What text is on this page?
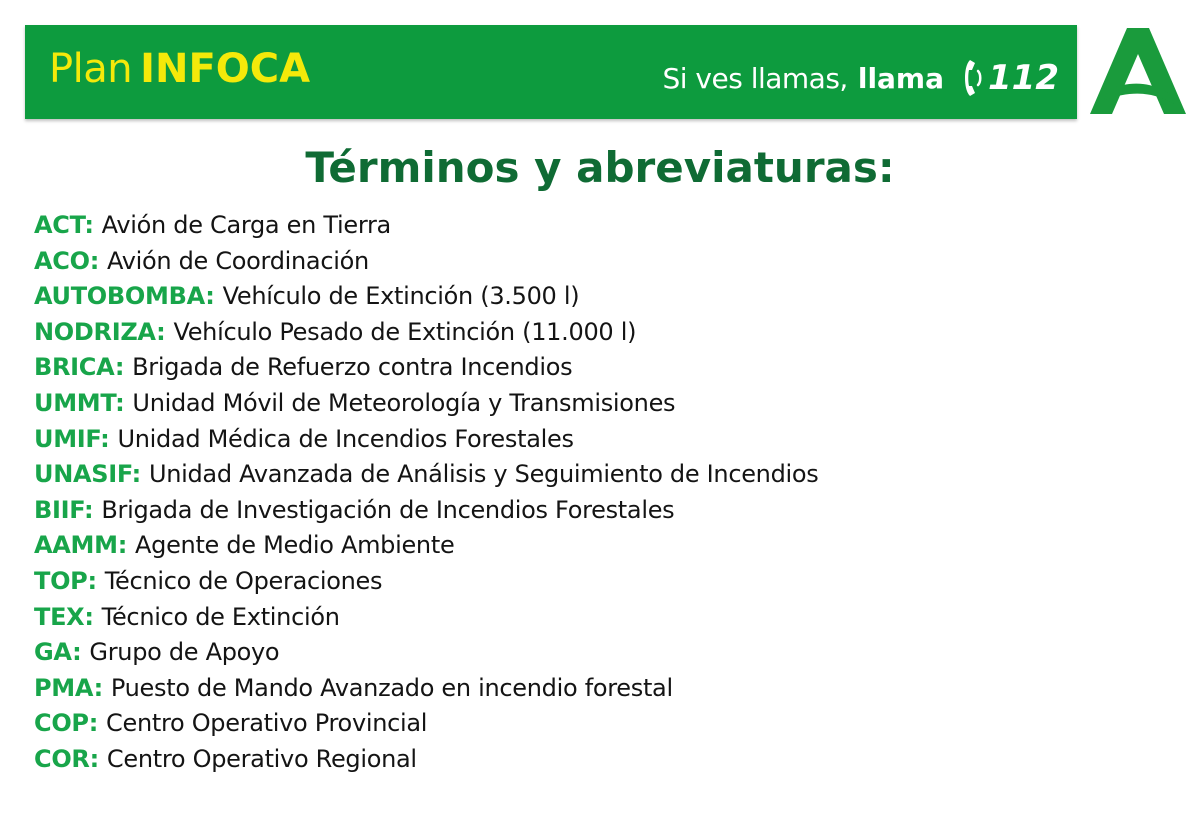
Plan INFOCA	Si ves llamas, llama 112
Términos y abreviaturas:
ACT: Avión de Carga en Tierra
ACO: Avión de Coordinación
AUTOBOMBA: Vehículo de Extinción (3.500 l)
NODRIZA: Vehículo Pesado de Extinción (11.000 l)
BRICA: Brigada de Refuerzo contra Incendios
UMMT: Unidad Móvil de Meteorología y Transmisiones
UMIF: Unidad Médica de Incendios Forestales
UNASIF: Unidad Avanzada de Análisis y Seguimiento de Incendios
BIIF: Brigada de Investigación de Incendios Forestales
AAMM: Agente de Medio Ambiente
TOP: Técnico de Operaciones
TEX: Técnico de Extinción
GA: Grupo de Apoyo
PMA: Puesto de Mando Avanzado en incendio forestal
COP: Centro Operativo Provincial
COR: Centro Operativo Regional
